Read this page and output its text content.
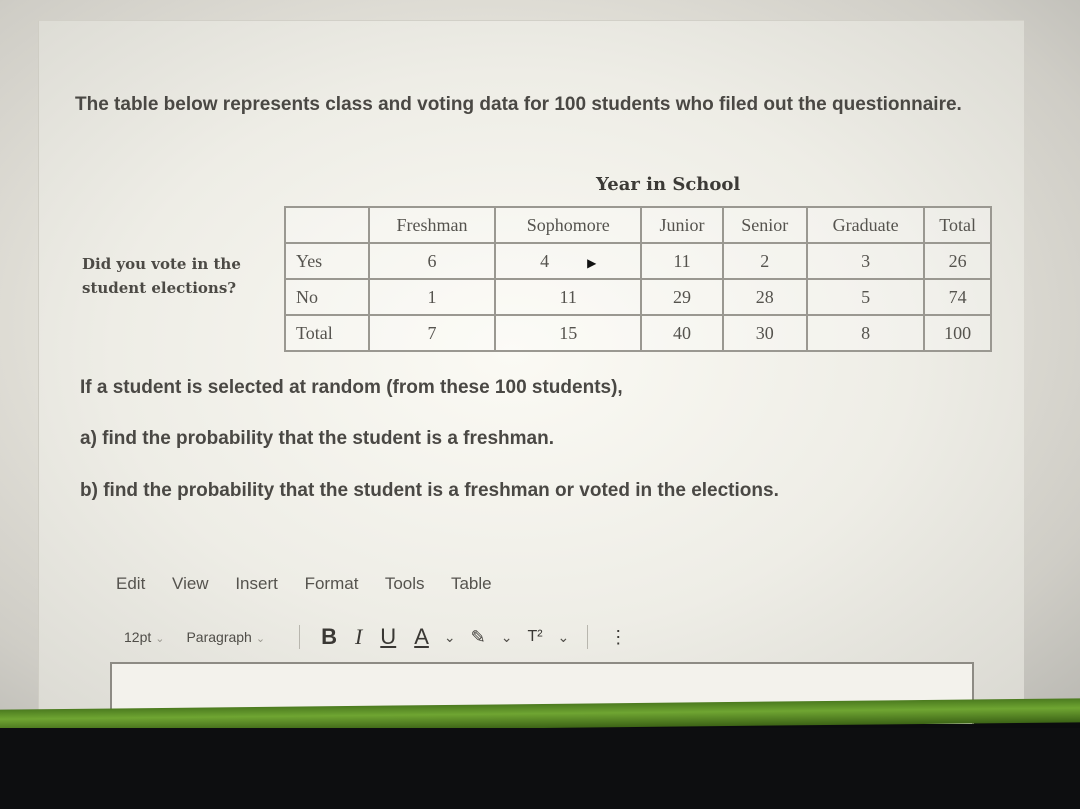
The table below represents class and voting data for 100 students who filed out the questionnaire.
Year in School
Did you vote in the student elections?
	Freshman	Sophomore	Junior	Senior	Graduate	Total
Yes	6	4 ▶	11	2	3	26
No	1	11	29	28	5	74
Total	7	15	40	30	8	100
If a student is selected at random (from these 100 students),
a) find the probability that the student is a freshman.
b) find the probability that the student is a freshman or voted in the elections.
Edit View Insert Format Tools Table
12pt ⌄ Paragraph ⌄	B I U A ⌄ ✎ ⌄ T² ⌄ ⋮
